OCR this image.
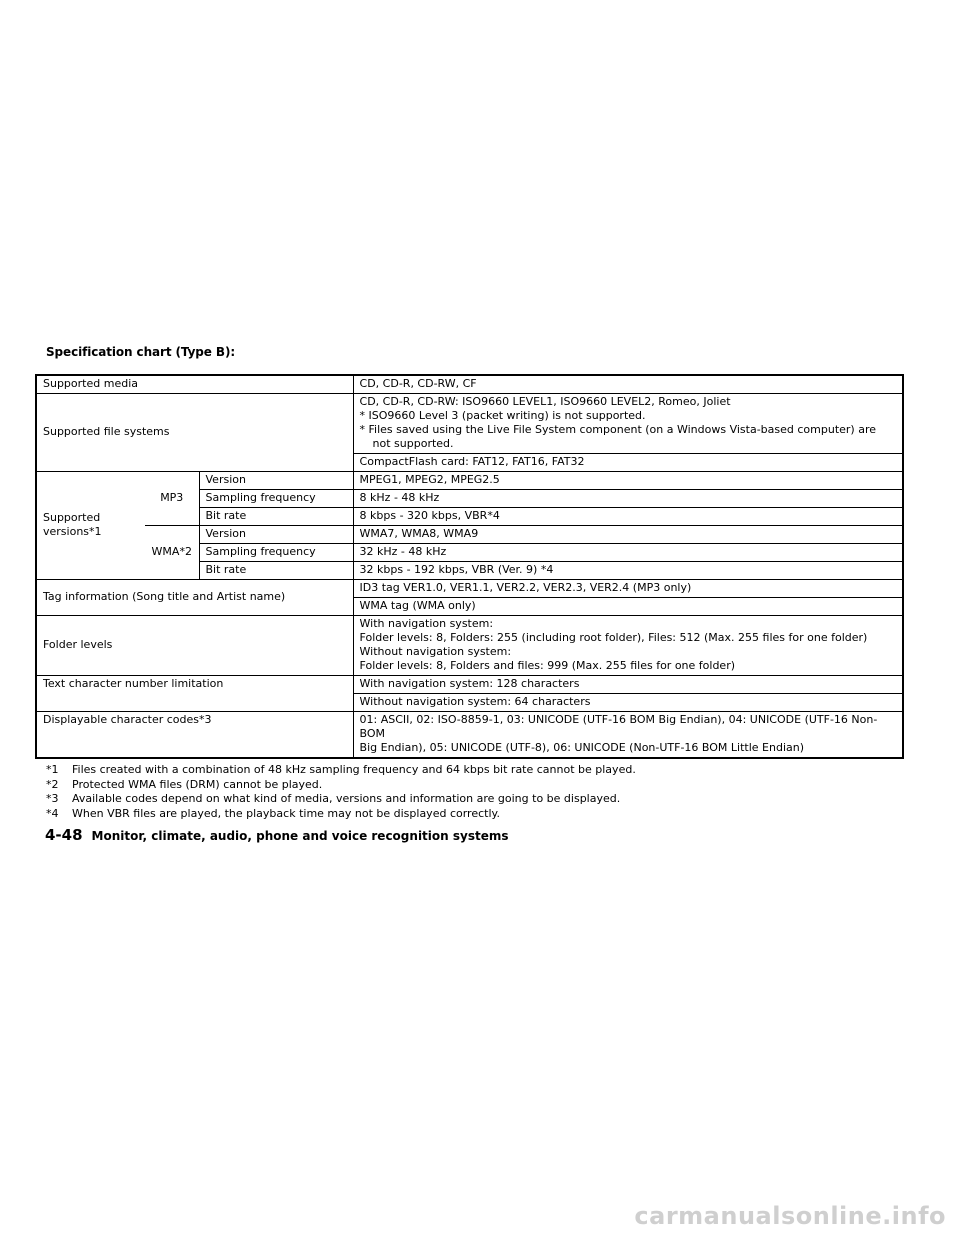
Specification chart (Type B):
Supported media			CD, CD-R, CD-RW, CF
Supported file systems			CD, CD-R, CD-RW: ISO9660 LEVEL1, ISO9660 LEVEL2, Romeo, Joliet
* ISO9660 Level 3 (packet writing) is not supported.
* Files saved using the Live File System component (on a Windows Vista-based computer) are
not supported.

			CompactFlash card: FAT12, FAT16, FAT32
Supported versions*1	MP3	Version	MPEG1, MPEG2, MPEG2.5
		Sampling frequency	8 kHz - 48 kHz
		Bit rate	8 kbps - 320 kbps, VBR*4
	WMA*2	Version	WMA7, WMA8, WMA9
		Sampling frequency	32 kHz - 48 kHz
		Bit rate	32 kbps - 192 kbps, VBR (Ver. 9) *4
Tag information (Song title and Artist name)			ID3 tag VER1.0, VER1.1, VER2.2, VER2.3, VER2.4 (MP3 only)
			WMA tag (WMA only)
Folder levels			With navigation system:
Folder levels: 8, Folders: 255 (including root folder), Files: 512 (Max. 255 files for one folder)
Without navigation system:
Folder levels: 8, Folders and files: 999 (Max. 255 files for one folder)

Text character number limitation			With navigation system: 128 characters
			Without navigation system: 64 characters
Displayable character codes*3			01: ASCII, 02: ISO-8859-1, 03: UNICODE (UTF-16 BOM Big Endian), 04: UNICODE (UTF-16 Non-BOM
Big Endian), 05: UNICODE (UTF-8), 06: UNICODE (Non-UTF-16 BOM Little Endian)
*1	Files created with a combination of 48 kHz sampling frequency and 64 kbps bit rate cannot be played.
*2	Protected WMA files (DRM) cannot be played.
*3	Available codes depend on what kind of media, versions and information are going to be displayed.
*4	When VBR files are played, the playback time may not be displayed correctly.
4-48 Monitor, climate, audio, phone and voice recognition systems
carmanualsonline.info
